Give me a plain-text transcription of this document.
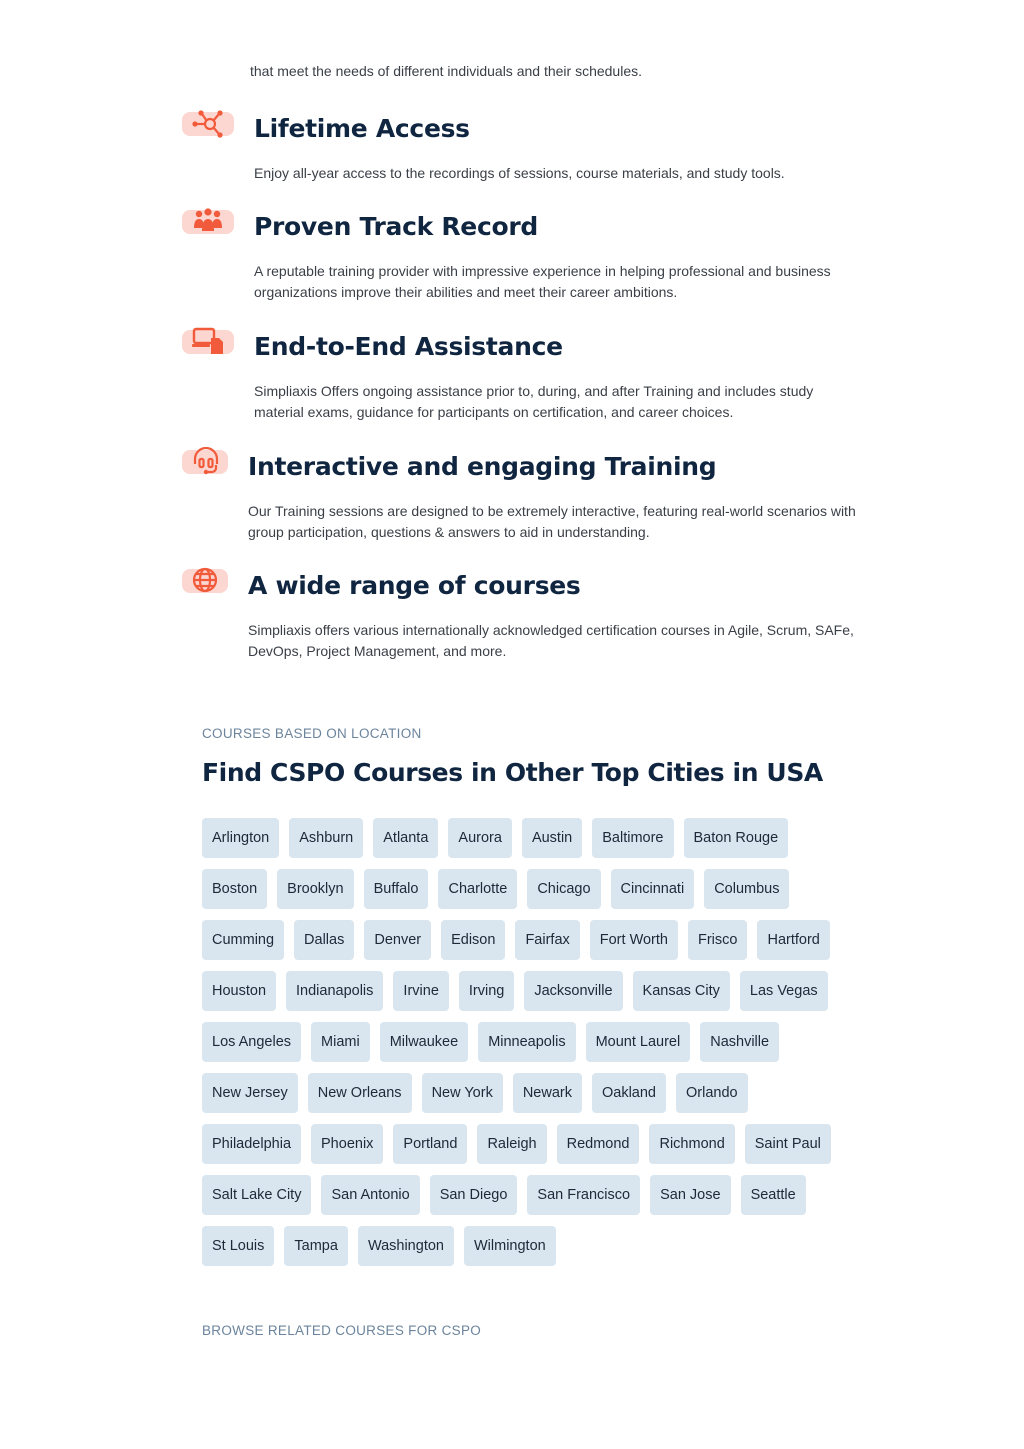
that meet the needs of different individuals and their schedules.

Lifetime Access

Enjoy all-year access to the recordings of sessions, course materials, and study tools.

Proven Track Record

A reputable training provider with impressive experience in helping professional and business organizations improve their abilities and meet their career ambitions.

End-to-End Assistance

Simpliaxis Offers ongoing assistance prior to, during, and after Training and includes study material exams, guidance for participants on certification, and career choices.

Interactive and engaging Training

Our Training sessions are designed to be extremely interactive, featuring real-world scenarios with group participation, questions & answers to aid in understanding.

A wide range of courses

Simpliaxis offers various internationally acknowledged certification courses in Agile, Scrum, SAFe, DevOps, Project Management, and more.

COURSES BASED ON LOCATION

Find CSPO Courses in Other Top Cities in USA
Arlington	Ashburn	Atlanta	Aurora	Austin	Baltimore	Baton Rouge
Boston	Brooklyn	Buffalo	Charlotte	Chicago	Cincinnati	Columbus
Cumming	Dallas	Denver	Edison	Fairfax	Fort Worth	Frisco	Hartford
Houston	Indianapolis	Irvine	Irving	Jacksonville	Kansas City	Las Vegas
Los Angeles	Miami	Milwaukee	Minneapolis	Mount Laurel	Nashville
New Jersey	New Orleans	New York	Newark	Oakland	Orlando
Philadelphia	Phoenix	Portland	Raleigh	Redmond	Richmond	Saint Paul
Salt Lake City	San Antonio	San Diego	San Francisco	San Jose	Seattle
St Louis	Tampa	Washington	Wilmington

BROWSE RELATED COURSES FOR CSPO
